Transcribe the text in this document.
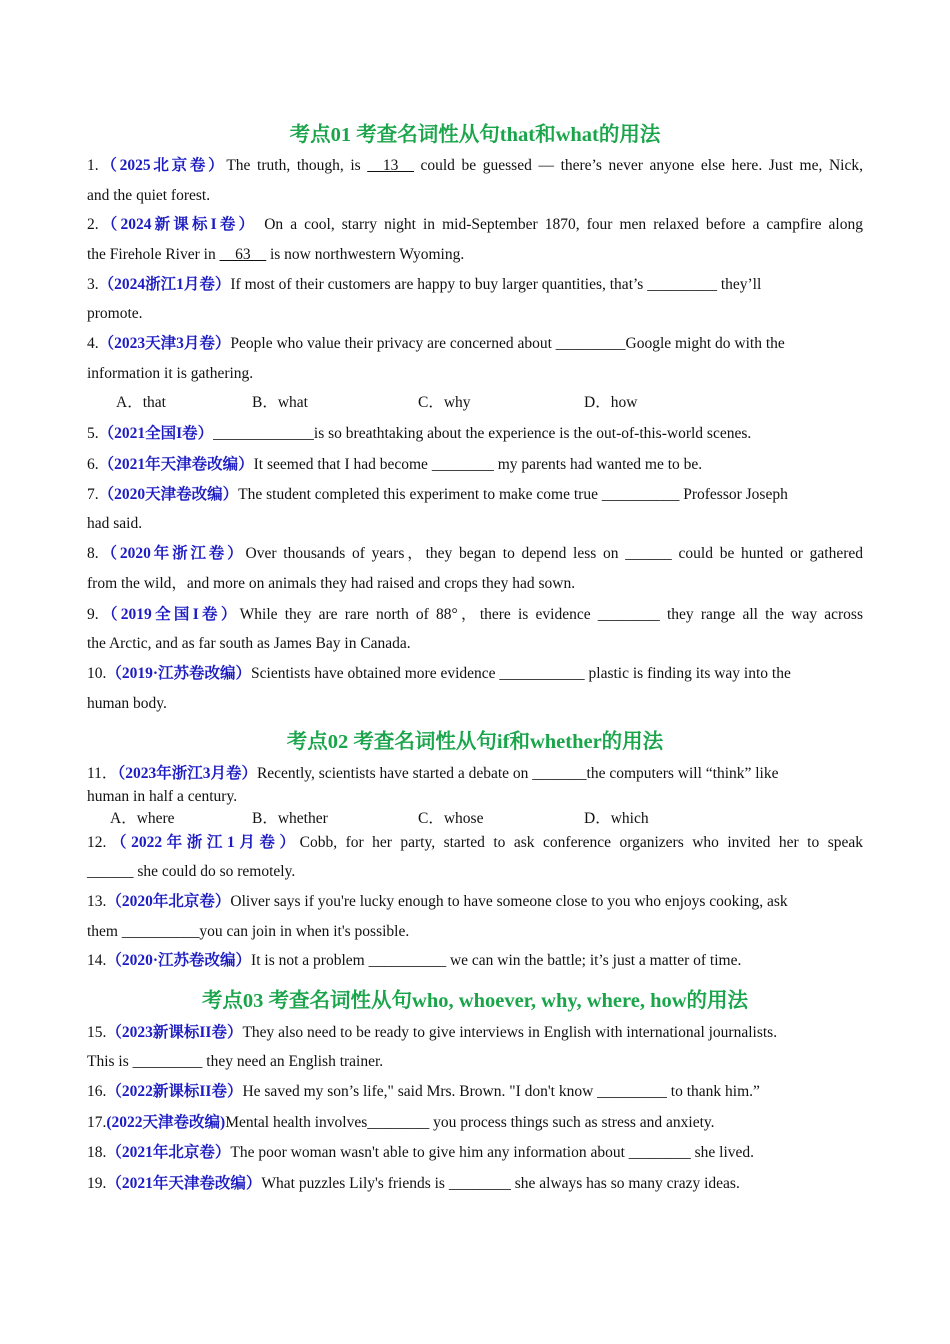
考点01 考查名词性从句that和what的用法
1.（2025北京卷）The truth, though, is __13__ could be guessed — there’s never anyone else here. Just me, Nick,
and the quiet forest.
2.（2024新课标I卷） On a cool, starry night in mid-September 1870, four men relaxed before a campfire along
the Firehole River in __63__ is now northwestern Wyoming.
3.（2024浙江1月卷）If most of their customers are happy to buy larger quantities, that’s _________ they’ll
promote.
4.（2023天津3月卷）People who value their privacy are concerned about _________Google might do with the
information it is gathering.
A．that	B．what	C．why	D．how
5.（2021全国I卷）_____________is so breathtaking about the experience is the out-of-this-world scenes.
6.（2021年天津卷改编）It seemed that I had become ________ my parents had wanted me to be.
7.（2020天津卷改编）The student completed this experiment to make come true __________ Professor Joseph
had said.
8.（2020年浙江卷）Over thousands of years，they began to depend less on ______ could be hunted or gathered
from the wild，and more on animals they had raised and crops they had sown.
9.（2019全国I卷）While they are rare north of 88°，there is evidence ________ they range all the way across
the Arctic, and as far south as James Bay in Canada.
10.（2019·江苏卷改编）Scientists have obtained more evidence ___________ plastic is finding its way into the
human body.
考点02 考查名词性从句if和whether的用法
11．（2023年浙江3月卷）Recently, scientists have started a debate on _______the computers will “think” like
human in half a century.
A．where	B．whether	C．whose	D．which
12.（2022年浙江1月卷）Cobb, for her party, started to ask conference organizers who invited her to speak
______ she could do so remotely.
13.（2020年北京卷）Oliver says if you're lucky enough to have someone close to you who enjoys cooking, ask
them __________you can join in when it's possible.
14.（2020·江苏卷改编）It is not a problem __________ we can win the battle; it’s just a matter of time.
考点03 考查名词性从句who, whoever, why, where, how的用法
15.（2023新课标II卷）They also need to be ready to give interviews in English with international journalists.
This is _________ they need an English trainer.
16.（2022新课标II卷）He saved my son’s life," said Mrs. Brown. "I don't know _________ to thank him.”
17.(2022天津卷改编)Mental health involves________ you process things such as stress and anxiety.
18.（2021年北京卷）The poor woman wasn't able to give him any information about ________ she lived.
19.（2021年天津卷改编）What puzzles Lily's friends is ________ she always has so many crazy ideas.
